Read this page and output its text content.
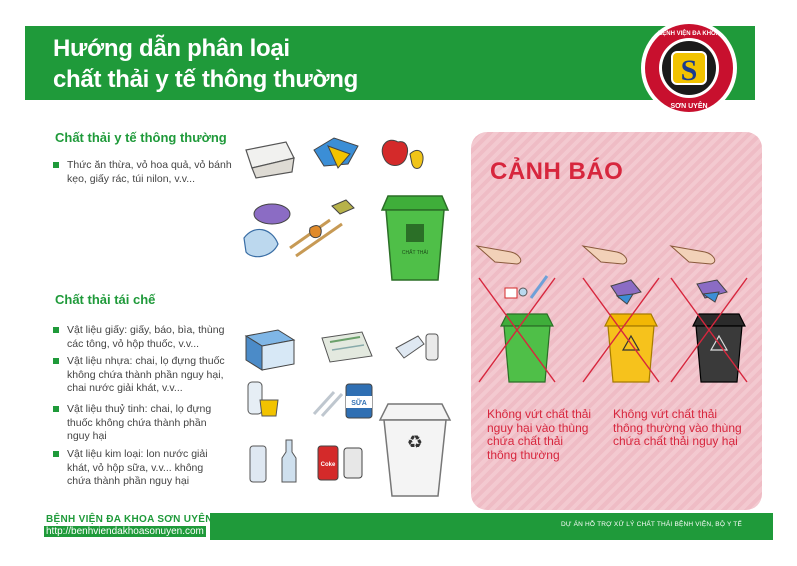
Hướng dẫn phân loại
chất thải y tế thông thường	S
BỆNH VIỆN ĐA KHOA
SƠN UYÊN
Chất thải y tế thông thường
Thức ăn thừa, vỏ hoa quả, vỏ bánh kẹo, giấy rác, túi nilon, v.v...
Chất thải tái chế
Vật liệu giấy: giấy, báo, bìa, thùng các tông, vỏ hộp thuốc, v.v...
Vật liệu nhựa: chai, lọ đựng thuốc không chứa thành phần nguy hại, chai nước giải khát, v.v...
Vật liệu thuỷ tinh: chai, lọ đựng thuốc không chứa thành phần nguy hại
Vật liệu kim loại: lon nước giải khát, vỏ hộp sữa, v.v... không chứa thành phần nguy hại
CHẤT THẢI
SỮA
Coke
♻
CẢNH BÁO
Không vứt chất thải nguy hại vào thùng chứa chất thải thông thường
Không vứt chất thải thông thường vào thùng chứa chất thải nguy hại
BỆNH VIỆN ĐA KHOA SƠN UYÊN
http://benhviendakhoasonuyen.com
DỰ ÁN HỖ TRỢ XỬ LÝ CHẤT THẢI BỆNH VIỆN, BỘ Y TẾ
